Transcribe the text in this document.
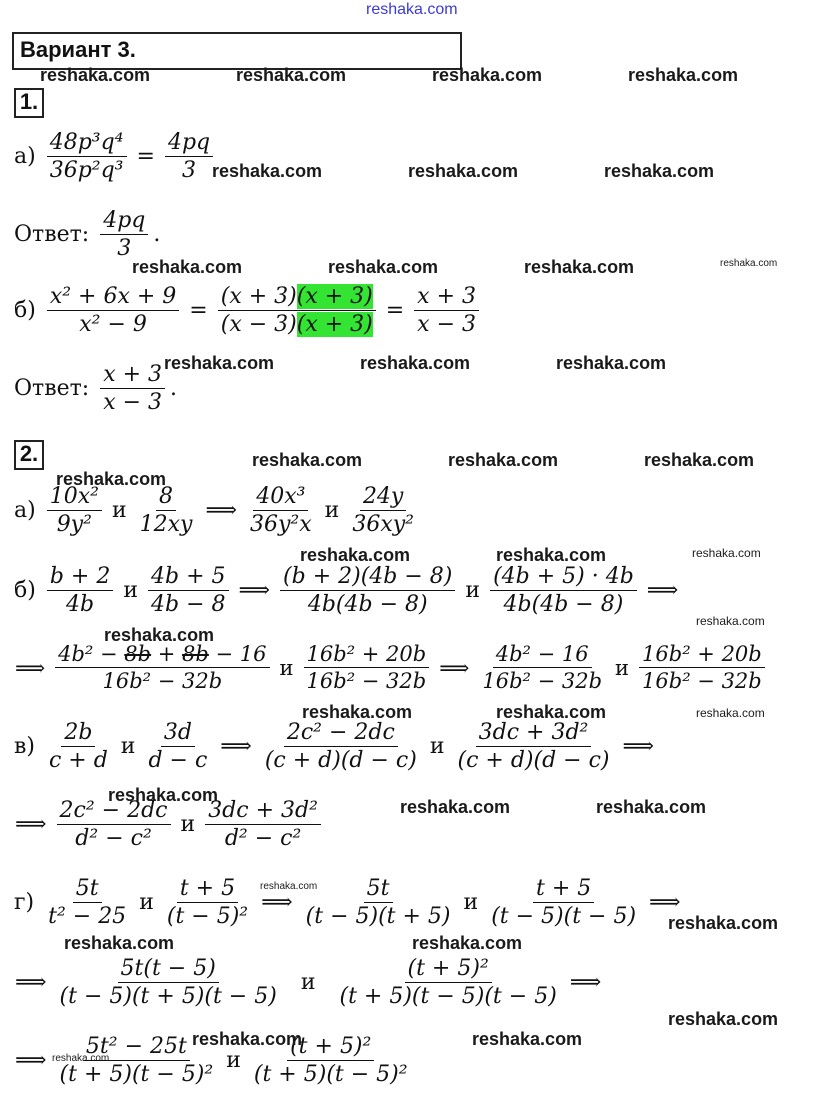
reshaka.com
Вариант 3.
1.
$а) \frac{\text{48p³q⁴}}{\text{36p²q³}} = \frac{4pq}{3}$
Ответ: $\frac{4pq}{3}$ .
$б) \frac{\text{x² + 6x + 9}}{\text{x² − 9}} = \frac{(x + 3)(x + 3)}{(x - 3)(x + 3)} = \frac{x + 3}{x - 3}$
Ответ: $\frac{x + 3}{x - 3}$ .
2.
$а) \frac{\text{10x²}}{\text{9y²}}$ и $\frac{8}{12xy}$ ⟹ $\frac{\text{40x³}}{\text{36y²x}}$ и $\frac{24y}{\text{36xy²}}$
$б) \frac{b + 2}{4b}$ и $\frac{4b + 5}{4b - 8}$ ⟹ $\frac{(b + 2)(4b - 8)}{4b(4b - 8)}$ и $\frac{(4b + 5) \cdot 4b}{4b(4b - 8)}$ ⟹
⟹ $\frac{\text{4b² − 8b + 8b − 16}}{\text{16b² − 32b}}$ и $\frac{\text{16b² + 20b}}{\text{16b² − 32b}}$ ⟹ $\frac{\text{4b² − 16}}{\text{16b² − 32b}}$ и $\frac{\text{16b² + 20b}}{\text{16b² − 32b}}$
$в) \frac{2b}{c + d}$ и $\frac{3d}{d - c}$ ⟹ $\frac{\text{2c² − 2dc}}{(c + d)(d - c)}$ и $\frac{\text{3dc + 3d²}}{(c + d)(d - c)}$ ⟹
⟹ $\frac{\text{2c² − 2dc}}{\text{d² − c²}}$ и $\frac{\text{3dc + 3d²}}{\text{d² − c²}}$
$г) \frac{5t}{\text{t² − 25}}$ и $\frac{t + 5}{\text{(t − 5)²}}$ ⟹ $\frac{5t}{(t - 5)(t + 5)}$ и $\frac{t + 5}{(t - 5)(t - 5)}$ ⟹
⟹ $\frac{5t(t - 5)}{(t - 5)(t + 5)(t - 5)}$ и $\frac{\text{(t + 5)²}}{(t + 5)(t - 5)(t - 5)}$ ⟹
⟹ $\frac{\text{5t² − 25t}}{\text{(t + 5)(t − 5)²}}$ и $\frac{\text{(t + 5)²}}{\text{(t + 5)(t − 5)²}}$
reshaka.com	reshaka.com	reshaka.com	reshaka.com
reshaka.com	reshaka.com	reshaka.com
reshaka.com	reshaka.com	reshaka.com	reshaka.com
reshaka.com	reshaka.com	reshaka.com
reshaka.com
reshaka.com	reshaka.com	reshaka.com
reshaka.com	reshaka.com	reshaka.com
reshaka.com
reshaka.com
reshaka.com	reshaka.com	reshaka.com
reshaka.com
reshaka.com	reshaka.com
reshaka.com
reshaka.com
reshaka.com	reshaka.com
reshaka.com
reshaka.com	reshaka.com
reshaka.com
